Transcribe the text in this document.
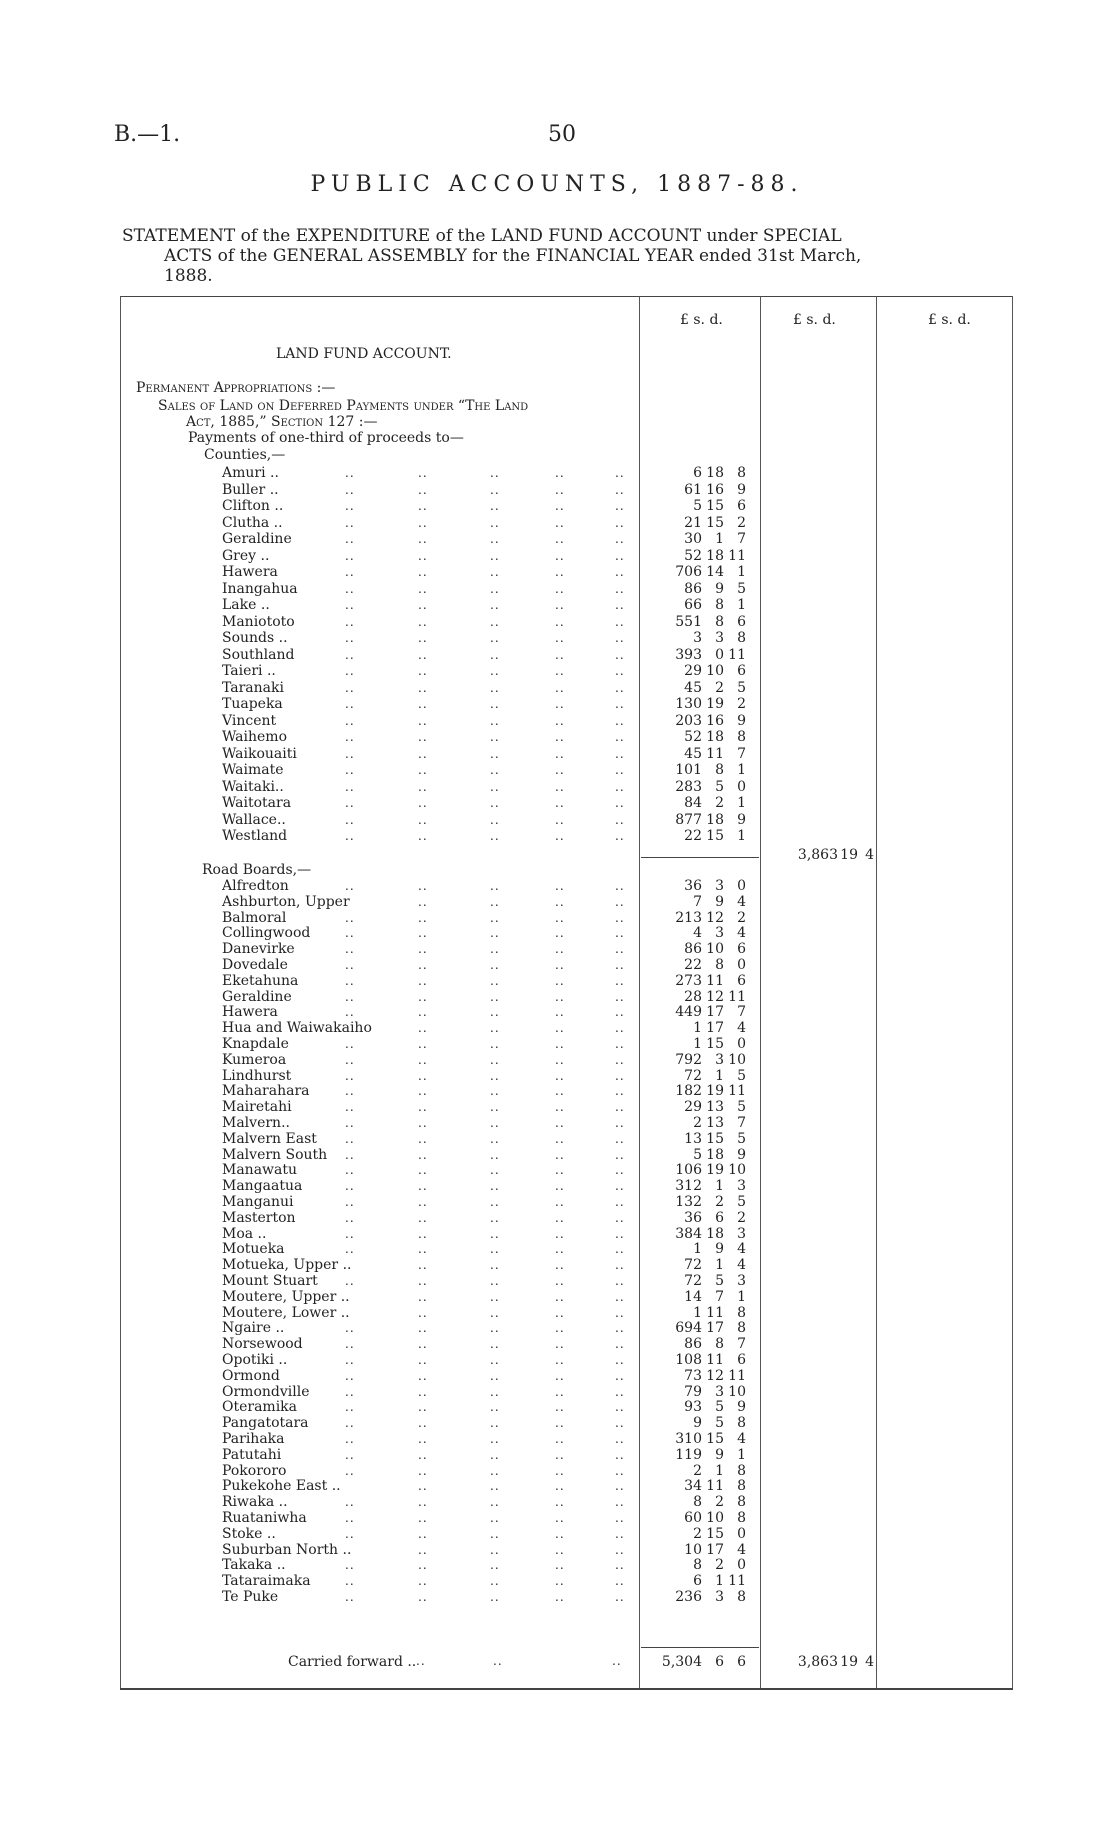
B.—1.	50
PUBLIC ACCOUNTS, 1887-88.
STATEMENT of the EXPENDITURE of the LAND FUND ACCOUNT under SPECIAL
ACTS of the GENERAL ASSEMBLY for the FINANCIAL YEAR ended 31st March,
1888.
£ s. d.	£ s. d.	£ s. d.
LAND FUND ACCOUNT.
Permanent Appropriations :—
Sales of Land on Deferred Payments under “The Land
Act, 1885,” Section 127 :—
Payments of one-third of proceeds to—
Counties,—
Amuri ..	..	..	..	..	..	6 18 8
Buller ..	..	..	..	..	..	61 16 9
Clifton ..	..	..	..	..	..	5 15 6
Clutha ..	..	..	..	..	..	21 15 2
Geraldine	..	..	..	..	..	30 1 7
Grey ..	..	..	..	..	..	52 18 11
Hawera	..	..	..	..	..	706 14 1
Inangahua	..	..	..	..	..	86 9 5
Lake ..	..	..	..	..	..	66 8 1
Maniototo	..	..	..	..	..	551 8 6
Sounds ..	..	..	..	..	..	3 3 8
Southland	..	..	..	..	..	393 0 11
Taieri ..	..	..	..	..	..	29 10 6
Taranaki	..	..	..	..	..	45 2 5
Tuapeka	..	..	..	..	..	130 19 2
Vincent	..	..	..	..	..	203 16 9
Waihemo	..	..	..	..	..	52 18 8
Waikouaiti	..	..	..	..	..	45 11 7
Waimate	..	..	..	..	..	101 8 1
Waitaki..	..	..	..	..	..	283 5 0
Waitotara	..	..	..	..	..	84 2 1
Wallace..	..	..	..	..	..	877 18 9
Westland	..	..	..	..	..	22 15 1
3,863 19 4
Road Boards,—
Alfredton	..	..	..	..	..	36 3 0
Ashburton, Upper	..	..	..	..	7 9 4
Balmoral	..	..	..	..	..	213 12 2
Collingwood	..	..	..	..	..	4 3 4
Danevirke	..	..	..	..	..	86 10 6
Dovedale	..	..	..	..	..	22 8 0
Eketahuna	..	..	..	..	..	273 11 6
Geraldine	..	..	..	..	..	28 12 11
Hawera	..	..	..	..	..	449 17 7
Hua and Waiwakaiho	..	..	..	..	1 17 4
Knapdale	..	..	..	..	..	1 15 0
Kumeroa	..	..	..	..	..	792 3 10
Lindhurst	..	..	..	..	..	72 1 5
Maharahara	..	..	..	..	..	182 19 11
Mairetahi	..	..	..	..	..	29 13 5
Malvern..	..	..	..	..	..	2 13 7
Malvern East ..	..	..	..	..	13 15 5
Malvern South ..	..	..	..	..	5 18 9
Manawatu	..	..	..	..	..	106 19 10
Mangaatua	..	..	..	..	..	312 1 3
Manganui	..	..	..	..	..	132 2 5
Masterton	..	..	..	..	..	36 6 2
Moa ..	..	..	..	..	..	384 18 3
Motueka	..	..	..	..	..	1 9 4
Motueka, Upper ..	..	..	..	..	72 1 4
Mount Stuart ..	..	..	..	..	72 5 3
Moutere, Upper ..	..	..	..	..	14 7 1
Moutere, Lower ..	..	..	..	..	1 11 8
Ngaire ..	..	..	..	..	..	694 17 8
Norsewood	..	..	..	..	..	86 8 7
Opotiki ..	..	..	..	..	..	108 11 6
Ormond	..	..	..	..	..	73 12 11
Ormondville	..	..	..	..	..	79 3 10
Oteramika	..	..	..	..	..	93 5 9
Pangatotara	..	..	..	..	..	9 5 8
Parihaka	..	..	..	..	..	310 15 4
Patutahi	..	..	..	..	..	119 9 1
Pokororo	..	..	..	..	..	2 1 8
Pukekohe East ..	..	..	..	..	34 11 8
Riwaka ..	..	..	..	..	..	8 2 8
Ruataniwha	..	..	..	..	..	60 10 8
Stoke ..	..	..	..	..	..	2 15 0
Suburban North ..	..	..	..	..	10 17 4
Takaka ..	..	..	..	..	..	8 2 0
Tataraimaka	..	..	..	..	..	6 1 11
Te Puke	..	..	..	..	..	236 3 8
Carried forward .. ..	..	..	5,304 6 6	3,863 19 4
